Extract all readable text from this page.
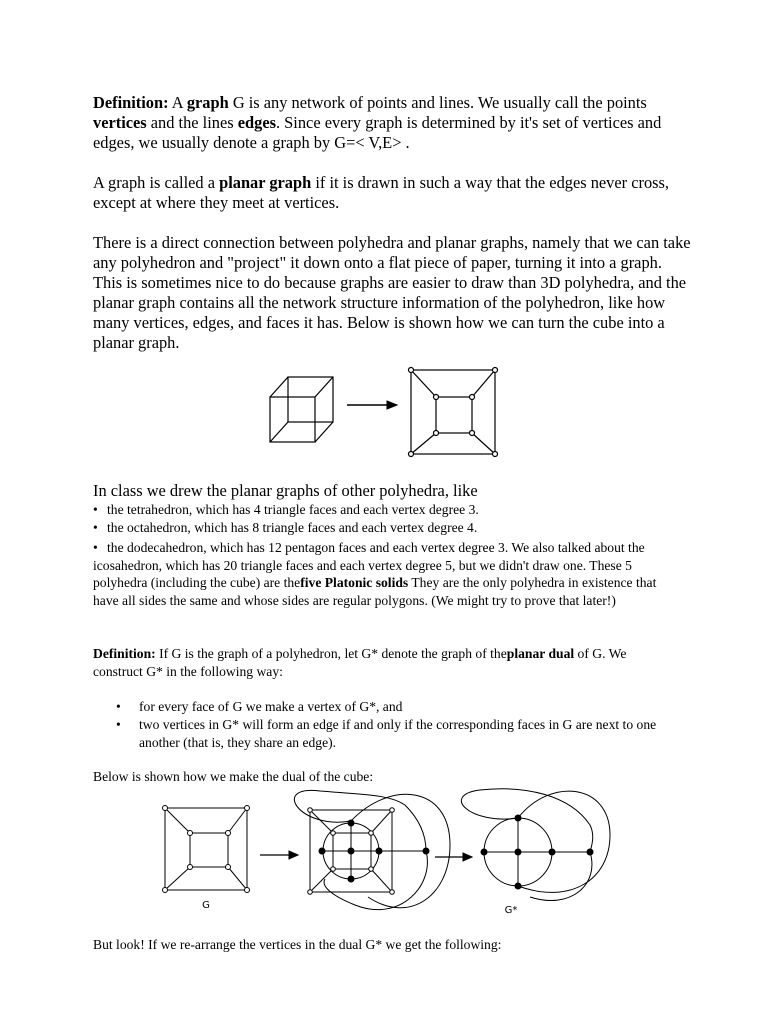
Definition: A graph G is any network of points and lines. We usually call the points vertices and the lines edges. Since every graph is determined by it's set of vertices and edges, we usually denote a graph by G=< V,E> .

A graph is called a planar graph if it is drawn in such a way that the edges never cross, except at where they meet at vertices.

There is a direct connection between polyhedra and planar graphs, namely that we can take any polyhedron and "project" it down onto a flat piece of paper, turning it into a graph. This is sometimes nice to do because graphs are easier to draw than 3D polyhedra, and the planar graph contains all the network structure information of the polyhedron, like how many vertices, edges, and faces it has. Below is shown how we can turn the cube into a planar graph.

In class we drew the planar graphs of other polyhedra, like

• the tetrahedron, which has 4 triangle faces and each vertex degree 3.
• the octahedron, which has 8 triangle faces and each vertex degree 4.
• the dodecahedron, which has 12 pentagon faces and each vertex degree 3. We also talked about the icosahedron, which has 20 triangle faces and each vertex degree 5, but we didn't draw one. These 5 polyhedra (including the cube) are thefive Platonic solids They are the only polyhedra in existence that have all sides the same and whose sides are regular polygons. (We might try to prove that later!)

Definition: If G is the graph of a polyhedron, let G* denote the graph of theplanar dual of G. We construct G* in the following way:

• for every face of G we make a vertex of G*, and
• two vertices in G* will form an edge if and only if the corresponding faces in G are next to one another (that is, they share an edge).

Below is shown how we make the dual of the cube:

G	G*

But look! If we re-arrange the vertices in the dual G* we get the following:
